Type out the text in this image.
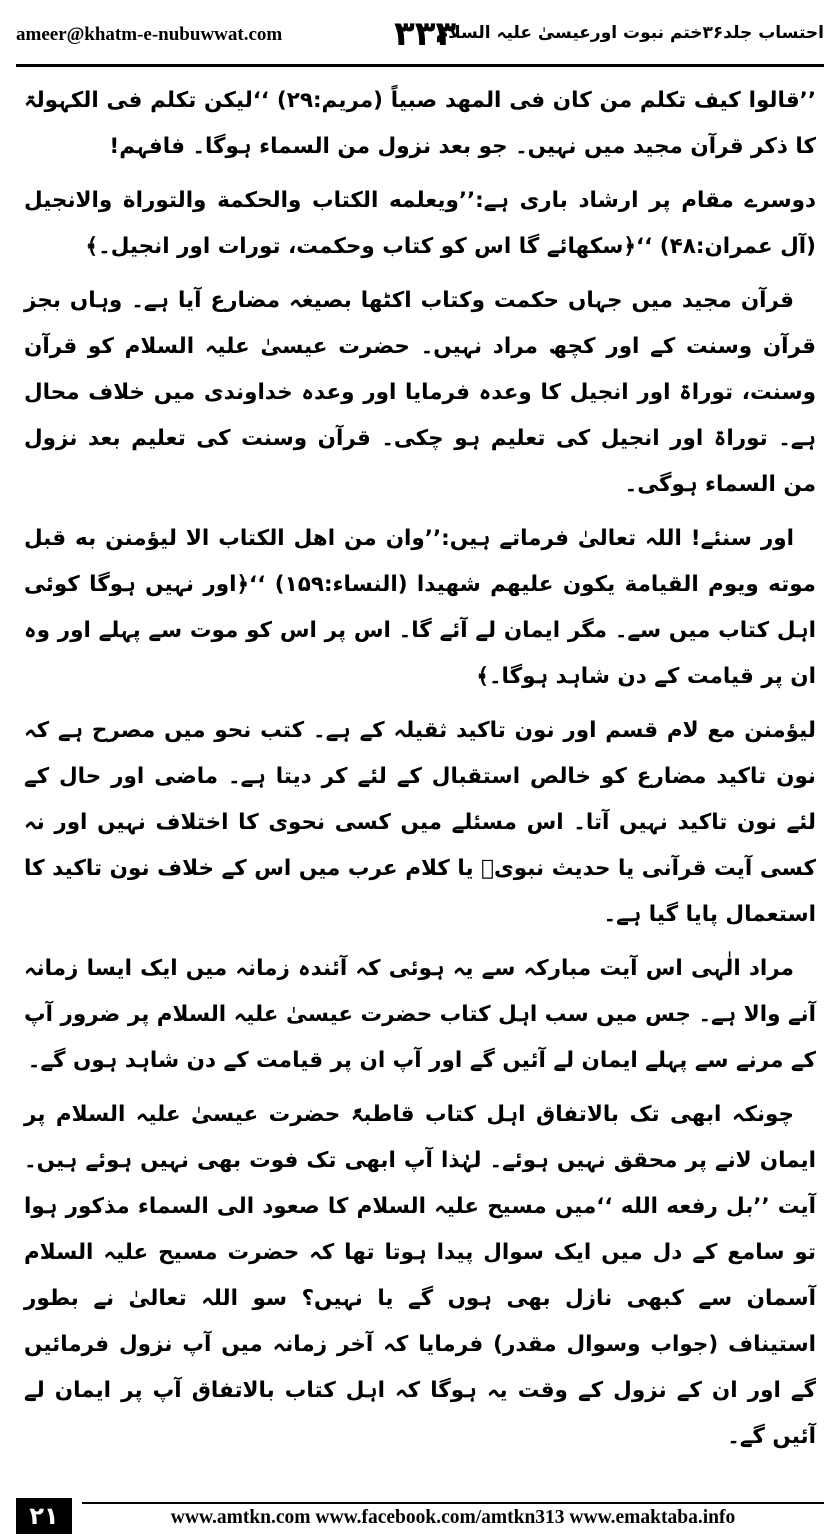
ameer@khatm-e-nubuwwat.com	۳۳۳
احتساب جلد۳۶ختم نبوت اورعیسیٰ علیہ السلام

’’قالوا کیف تکلم من کان فی المهد صبیاً (مریم:۲۹) ‘‘لیکن تکلم فی الکہولۃ کا ذکر قرآن مجید میں نہیں۔ جو بعد نزول من السماء ہوگا۔ فافہم!

دوسرے مقام پر ارشاد باری ہے:’’ویعلمه الکتاب والحکمة والتوراة والانجیل (آل عمران:۴۸) ‘‘﴿سکھائے گا اس کو کتاب وحکمت، تورات اور انجیل۔﴾

قرآن مجید میں جہاں حکمت وکتاب اکٹھا بصیغہ مضارع آیا ہے۔ وہاں بجز قرآن وسنت کے اور کچھ مراد نہیں۔ حضرت عیسیٰ علیہ السلام کو قرآن وسنت، توراۃ اور انجیل کا وعدہ فرمایا اور وعدہ خداوندی میں خلاف محال ہے۔ توراۃ اور انجیل کی تعلیم ہو چکی۔ قرآن وسنت کی تعلیم بعد نزول من السماء ہوگی۔

اور سنئے! اللہ تعالیٰ فرماتے ہیں:’’وان من اهل الکتاب الا لیؤمنن به قبل موته ویوم القیامة یکون علیهم شهیدا (النساء:۱۵۹) ‘‘﴿اور نہیں ہوگا کوئی اہل کتاب میں سے۔ مگر ایمان لے آئے گا۔ اس پر اس کو موت سے پہلے اور وہ ان پر قیامت کے دن شاہد ہوگا۔﴾

لیؤمنن مع لام قسم اور نون تاکید ثقیلہ کے ہے۔ کتب نحو میں مصرح ہے کہ نون تاکید مضارع کو خالص استقبال کے لئے کر دیتا ہے۔ ماضی اور حال کے لئے نون تاکید نہیں آتا۔ اس مسئلے میں کسی نحوی کا اختلاف نہیں اور نہ کسی آیت قرآنی یا حدیث نبویؐ یا کلام عرب میں اس کے خلاف نون تاکید کا استعمال پایا گیا ہے۔

مراد الٰہی اس آیت مبارکہ سے یہ ہوئی کہ آئندہ زمانہ میں ایک ایسا زمانہ آنے والا ہے۔ جس میں سب اہل کتاب حضرت عیسیٰ علیہ السلام پر ضرور آپ کے مرنے سے پہلے ایمان لے آئیں گے اور آپ ان پر قیامت کے دن شاہد ہوں گے۔

چونکہ ابھی تک بالاتفاق اہل کتاب قاطبۃً حضرت عیسیٰ علیہ السلام پر ایمان لانے پر محقق نہیں ہوئے۔ لہٰذا آپ ابھی تک فوت بھی نہیں ہوئے ہیں۔ آیت ’’بل رفعه الله ‘‘میں مسیح علیہ السلام کا صعود الی السماء مذکور ہوا تو سامع کے دل میں ایک سوال پیدا ہوتا تھا کہ حضرت مسیح علیہ السلام آسمان سے کبھی نازل بھی ہوں گے یا نہیں؟ سو اللہ تعالیٰ نے بطور استیناف (جواب وسوال مقدر) فرمایا کہ آخر زمانہ میں آپ نزول فرمائیں گے اور ان کے نزول کے وقت یہ ہوگا کہ اہل کتاب بالاتفاق آپ پر ایمان لے آئیں گے۔

۲۱	www.amtkn.com www.facebook.com/amtkn313 www.emaktaba.info
